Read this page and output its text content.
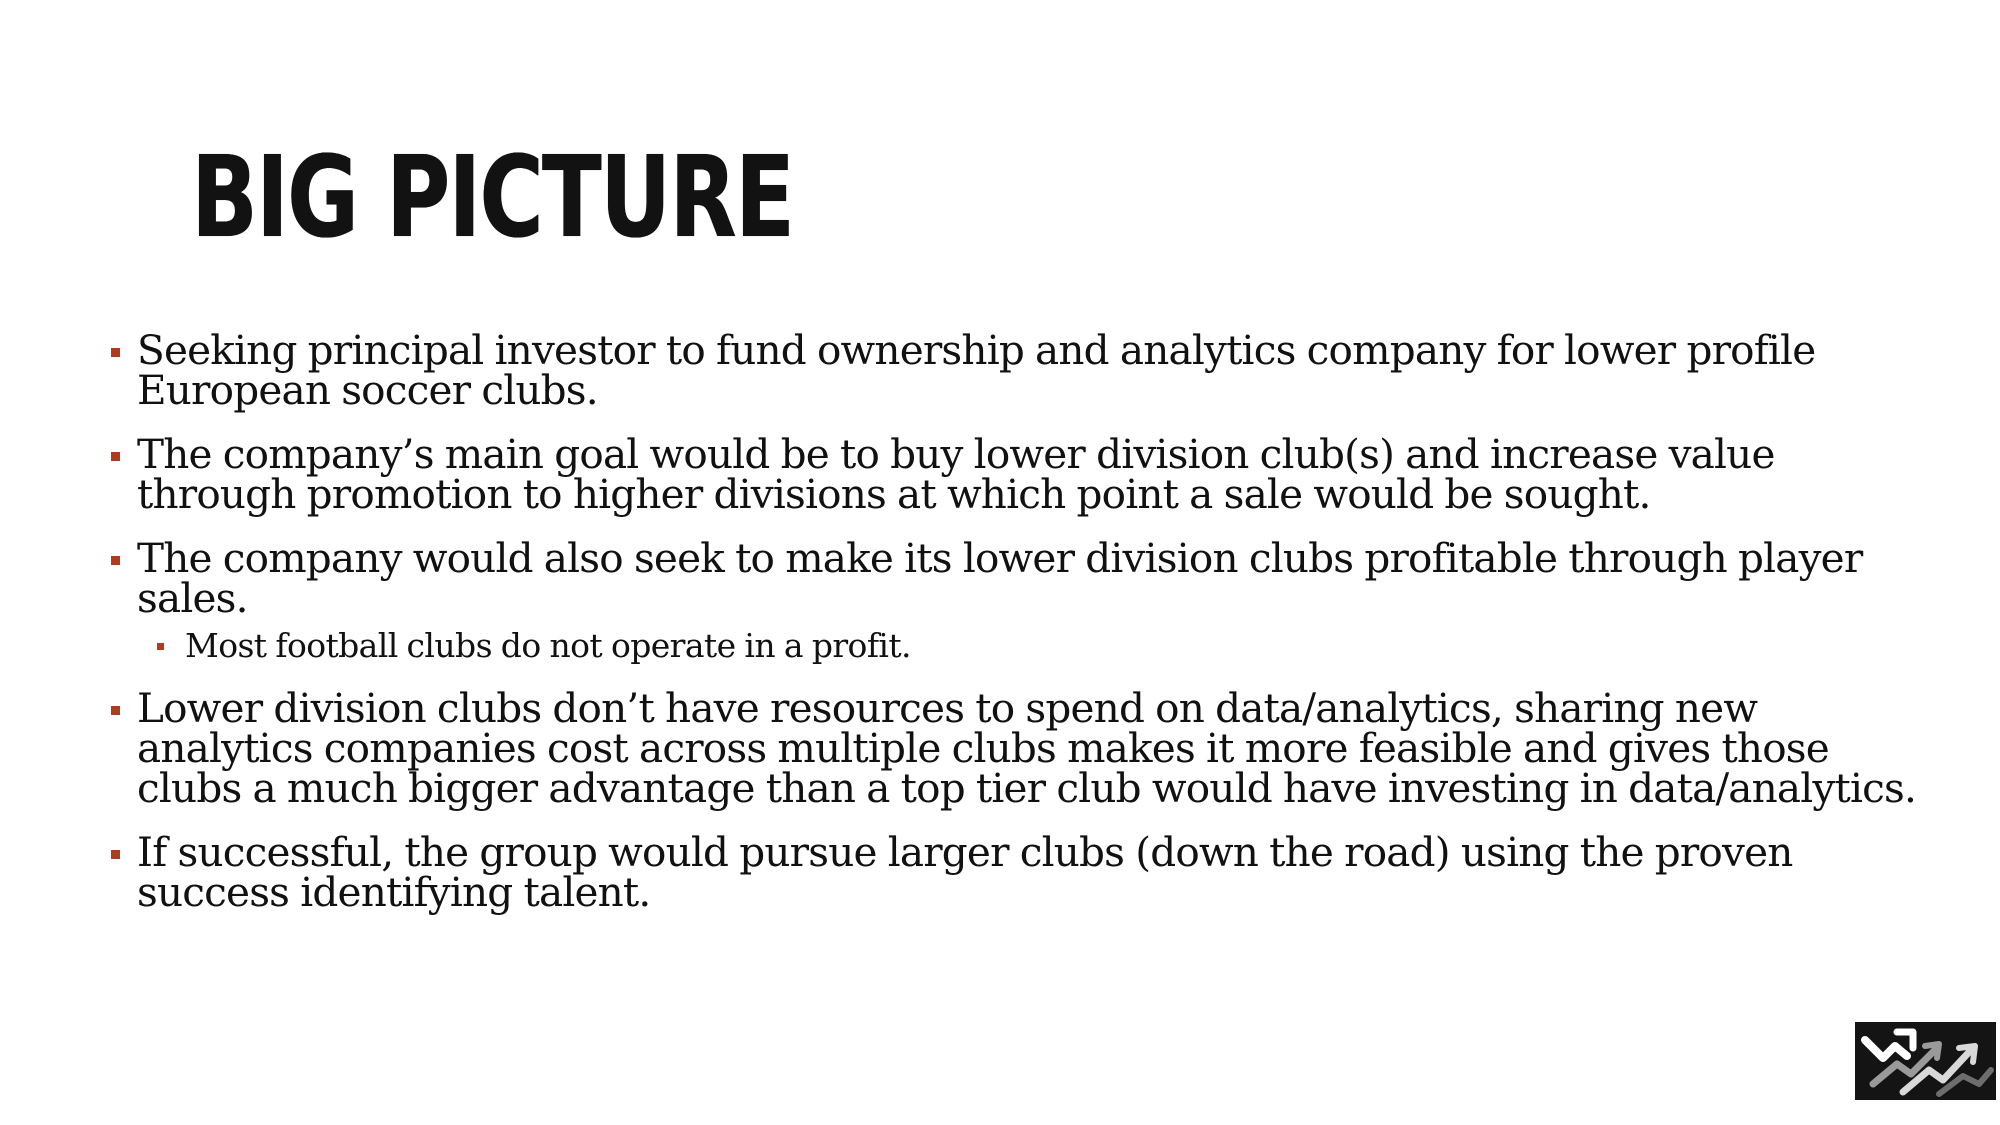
BIG PICTURE
Seeking principal investor to fund ownership and analytics company for lower profile European soccer clubs.
The company’s main goal would be to buy lower division club(s) and increase value through promotion to higher divisions at which point a sale would be sought.
The company would also seek to make its lower division clubs profitable through player sales.
Most football clubs do not operate in a profit.
Lower division clubs don’t have resources to spend on data/analytics, sharing new analytics companies cost across multiple clubs makes it more feasible and gives those clubs a much bigger advantage than a top tier club would have investing in data/analytics.
If successful, the group would pursue larger clubs (down the road) using the proven success identifying talent.
